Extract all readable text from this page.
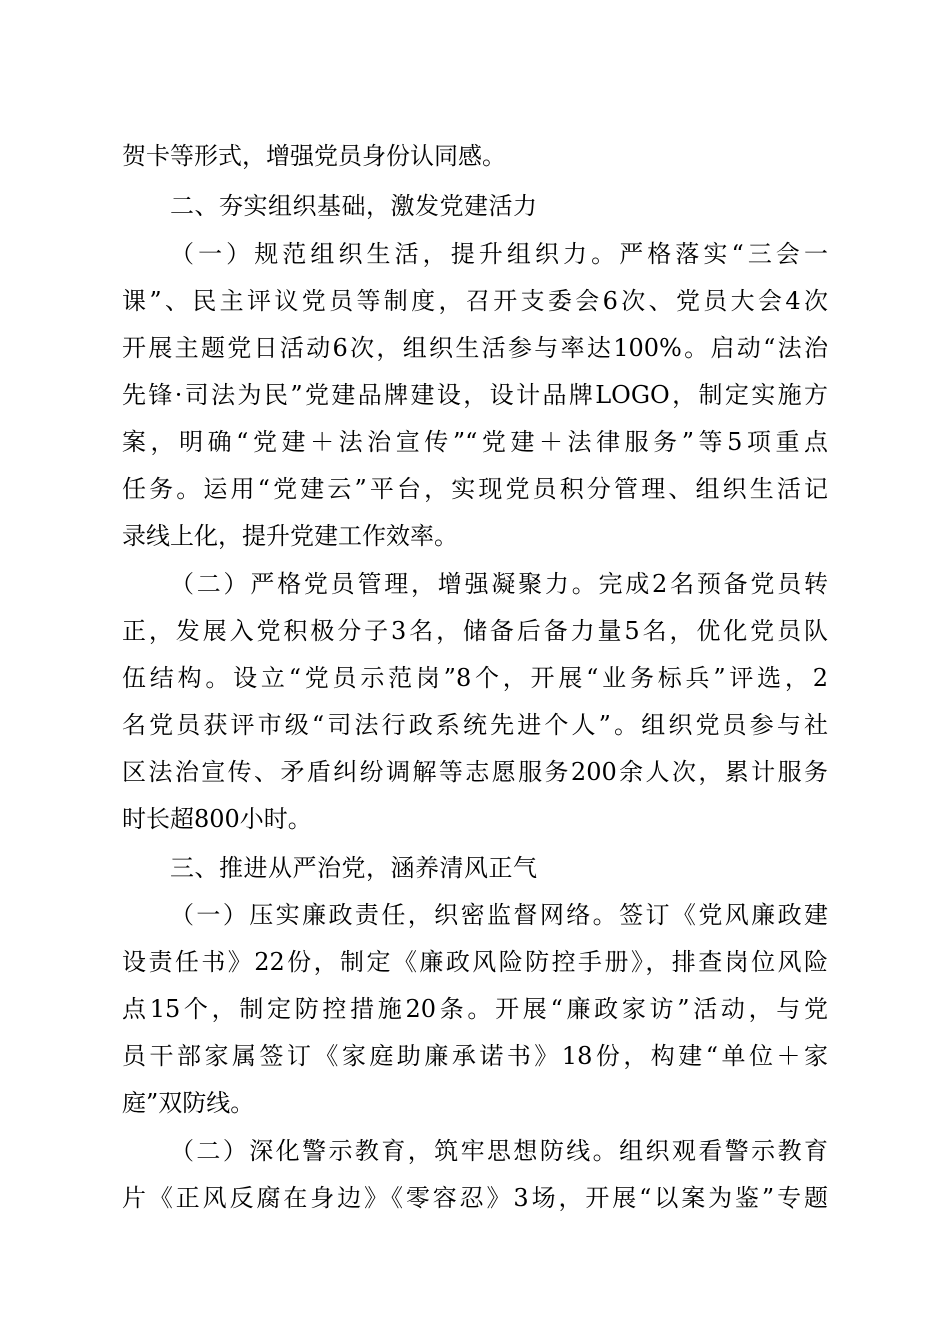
贺卡等形式，增强党员身份认同感。
二、夯实组织基础，激发党建活力
（一）规范组织生活，提升组织力。严格落实“三会一
课”、民主评议党员等制度，召开支委会6次、党员大会4次
开展主题党日活动6次，组织生活参与率达100%。启动“法治
先锋·司法为民”党建品牌建设，设计品牌LOGO，制定实施方
案，明确“党建＋法治宣传”“党建＋法律服务”等5项重点
任务。运用“党建云”平台，实现党员积分管理、组织生活记
录线上化，提升党建工作效率。
（二）严格党员管理，增强凝聚力。完成2名预备党员转
正，发展入党积极分子3名，储备后备力量5名，优化党员队
伍结构。设立“党员示范岗”8个，开展“业务标兵”评选，2
名党员获评市级“司法行政系统先进个人”。组织党员参与社
区法治宣传、矛盾纠纷调解等志愿服务200余人次，累计服务
时长超800小时。
三、推进从严治党，涵养清风正气
（一）压实廉政责任，织密监督网络。签订《党风廉政建
设责任书》22份，制定《廉政风险防控手册》，排查岗位风险
点15个，制定防控措施20条。开展“廉政家访”活动，与党
员干部家属签订《家庭助廉承诺书》18份，构建“单位＋家
庭”双防线。
（二）深化警示教育，筑牢思想防线。组织观看警示教育
片《正风反腐在身边》《零容忍》3场，开展“以案为鉴”专题
